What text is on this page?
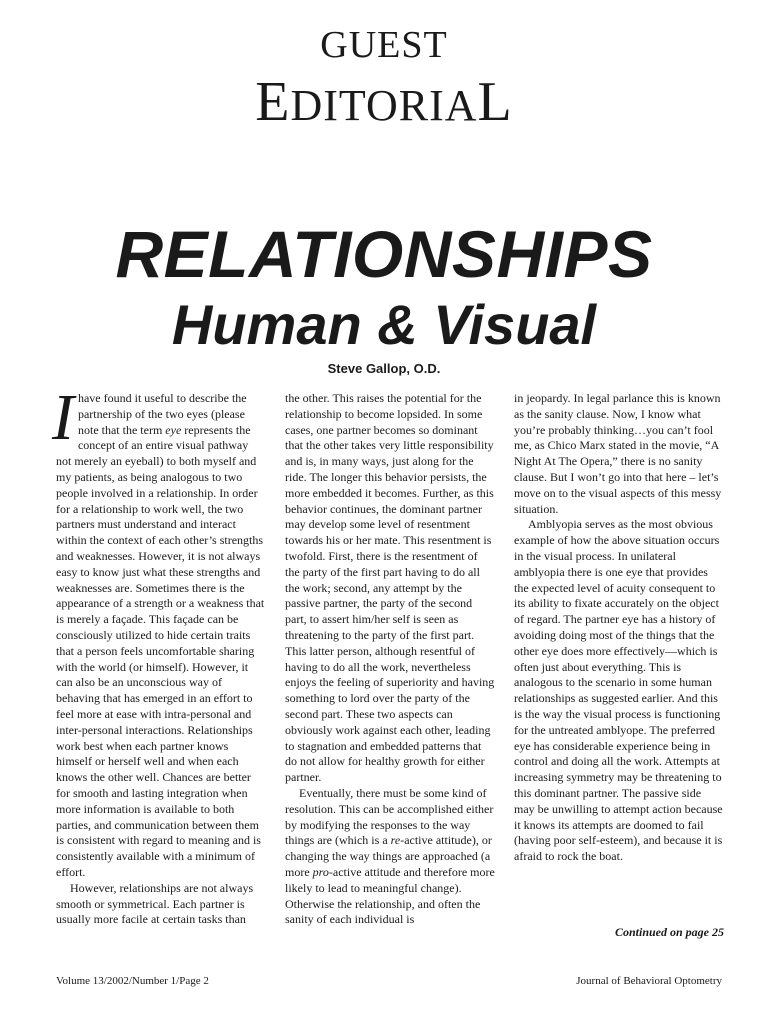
GUEST
EDITORIAL
RELATIONSHIPS
Human & Visual
Steve Gallop, O.D.

I have found it useful to describe the partnership of the two eyes (please note that the term eye represents the concept of an entire visual pathway not merely an eyeball) to both myself and my patients, as being analogous to two people involved in a relationship. In order for a relationship to work well, the two partners must understand and interact within the context of each other’s strengths and weaknesses. However, it is not always easy to know just what these strengths and weaknesses are. Sometimes there is the appearance of a strength or a weakness that is merely a façade. This façade can be consciously utilized to hide certain traits that a person feels uncomfortable sharing with the world (or himself). However, it can also be an unconscious way of behaving that has emerged in an effort to feel more at ease with intra-personal and inter-personal interactions. Relationships work best when each partner knows himself or herself well and when each knows the other well. Chances are better for smooth and lasting integration when more information is available to both parties, and communication between them is consistent with regard to meaning and is consistently available with a minimum of effort.

However, relationships are not always smooth or symmetrical. Each partner is usually more facile at certain tasks than

the other. This raises the potential for the relationship to become lopsided. In some cases, one partner becomes so dominant that the other takes very little responsibility and is, in many ways, just along for the ride. The longer this behavior persists, the more embedded it becomes. Further, as this behavior continues, the dominant partner may develop some level of resentment towards his or her mate. This resentment is twofold. First, there is the resentment of the party of the first part having to do all the work; second, any attempt by the passive partner, the party of the second part, to assert him/her self is seen as threatening to the party of the first part. This latter person, although resentful of having to do all the work, nevertheless enjoys the feeling of superiority and having something to lord over the party of the second part. These two aspects can obviously work against each other, leading to stagnation and embedded patterns that do not allow for healthy growth for either partner.

Eventually, there must be some kind of resolution. This can be accomplished either by modifying the responses to the way things are (which is a re-active attitude), or changing the way things are approached (a more pro-active attitude and therefore more likely to lead to meaningful change). Otherwise the relationship, and often the sanity of each individual is

in jeopardy. In legal parlance this is known as the sanity clause. Now, I know what you’re probably thinking…you can’t fool me, as Chico Marx stated in the movie, “A Night At The Opera,” there is no sanity clause. But I won’t go into that here – let’s move on to the visual aspects of this messy situation.

Amblyopia serves as the most obvious example of how the above situation occurs in the visual process. In unilateral amblyopia there is one eye that provides the expected level of acuity consequent to its ability to fixate accurately on the object of regard. The partner eye has a history of avoiding doing most of the things that the other eye does more effectively—which is often just about everything. This is analogous to the scenario in some human relationships as suggested earlier. And this is the way the visual process is functioning for the untreated amblyope. The preferred eye has considerable experience being in control and doing all the work. Attempts at increasing symmetry may be threatening to this dominant partner. The passive side may be unwilling to attempt action because it knows its attempts are doomed to fail (having poor self-esteem), and because it is afraid to rock the boat.

Continued on page 25
Volume 13/2002/Number 1/Page 2	Journal of Behavioral Optometry
